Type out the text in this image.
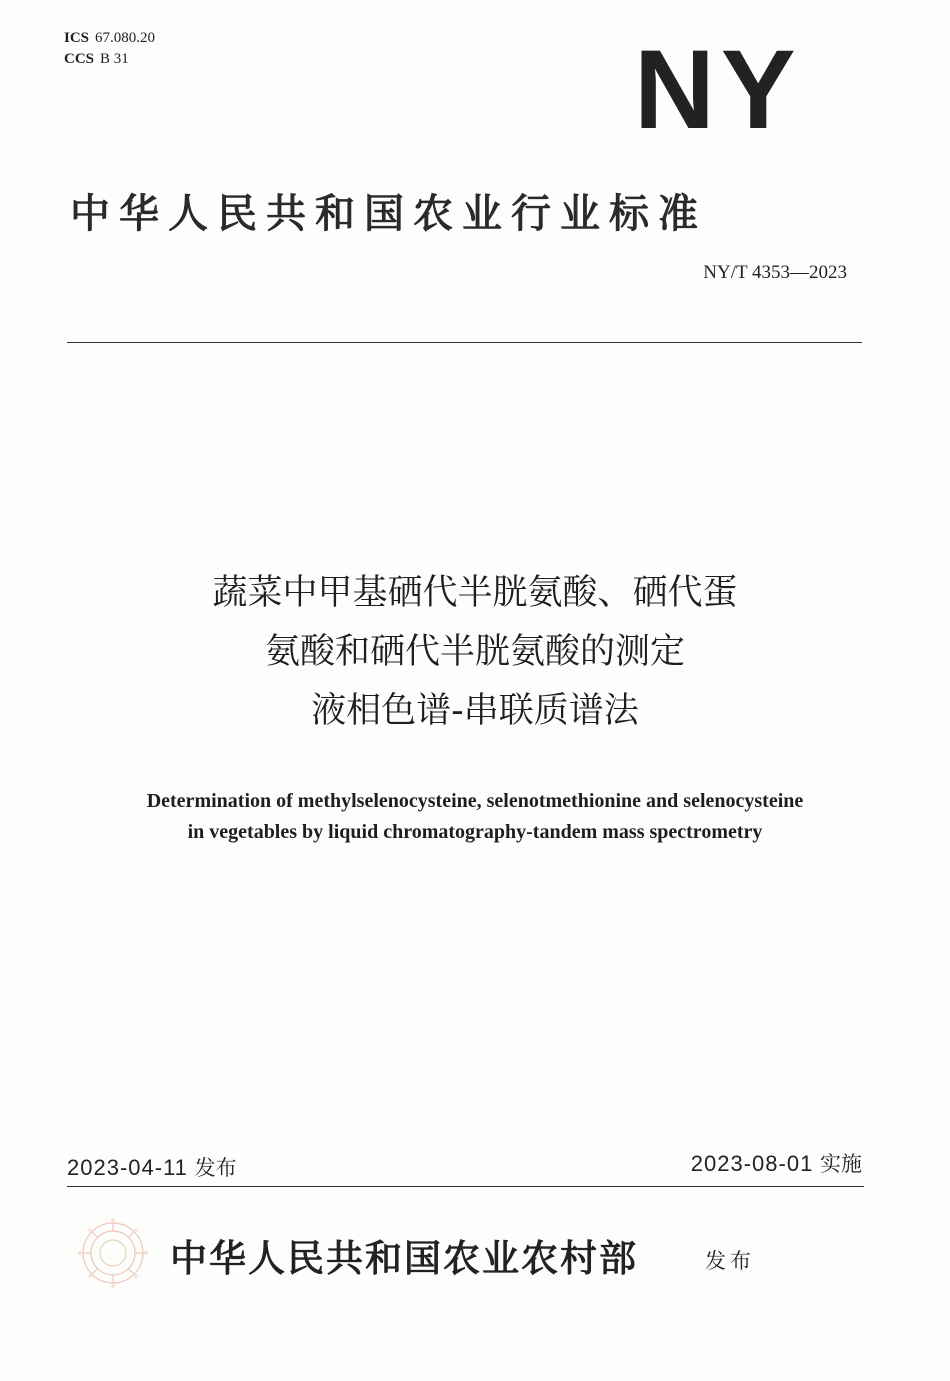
ICS 67.080.20
CCS B 31	NY
中华人民共和国农业行业标准
NY/T 4353—2023
蔬菜中甲基硒代半胱氨酸、硒代蛋
氨酸和硒代半胱氨酸的测定
液相色谱-串联质谱法
Determination of methylselenocysteine, selenotmethionine and selenocysteine
in vegetables by liquid chromatography-tandem mass spectrometry
2023-04-11 发布	2023-08-01 实施
中华人民共和国农业农村部	发布
